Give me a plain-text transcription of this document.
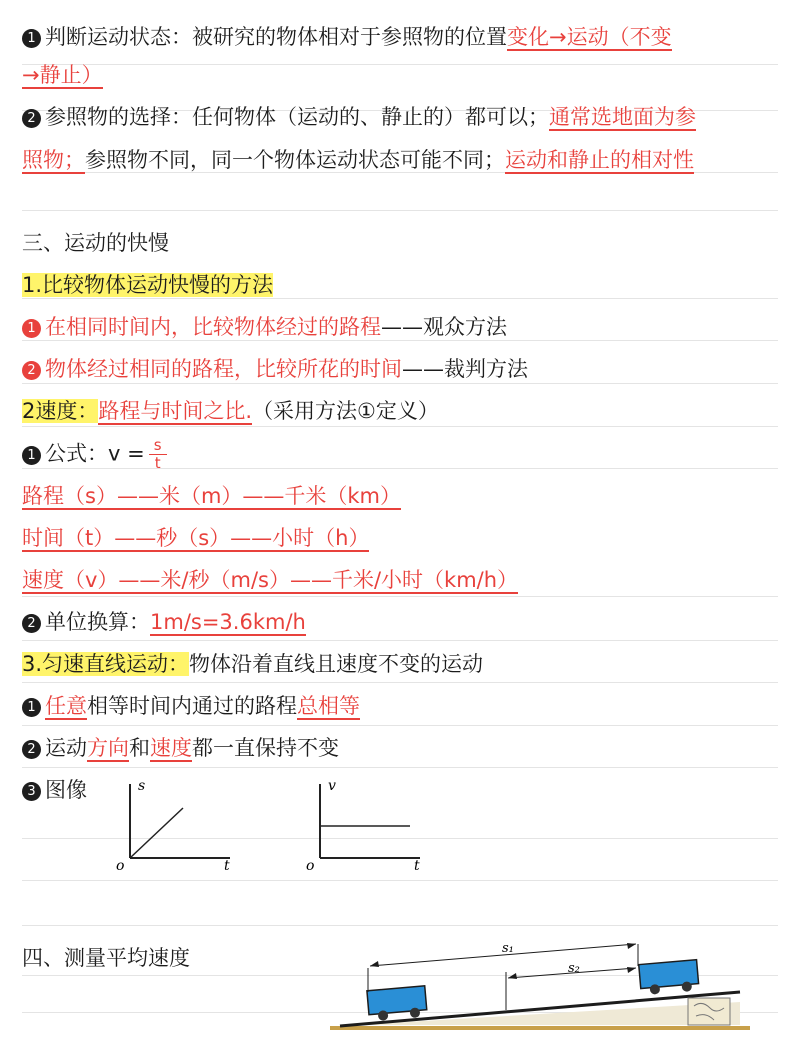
1 判断运动状态：被研究的物体相对于参照物的位置变化→运动（不变
→静止）
2 参照物的选择：任何物体（运动的、静止的）都可以；通常选地面为参
照物；参照物不同，同一个物体运动状态可能不同；运动和静止的相对性
三、运动的快慢
1.比较物体运动快慢的方法
1 在相同时间内，比较物体经过的路程——观众方法
2 物体经过相同的路程，比较所花的时间——裁判方法
2速度：路程与时间之比.（采用方法①定义）
1 公式：$v = \frac{s}{t}$
路程（s）——米（m）——千米（km）
时间（t）——秒（s）——小时（h）
速度（v）——米/秒（m/s）——千米/小时（km/h）
2 单位换算：1m/s=3.6km/h
3.匀速直线运动：物体沿着直线且速度不变的运动
1 任意相等时间内通过的路程总相等
2 运动方向和速度都一直保持不变
3 图像	s
t
o
v
t
o
四、测量平均速度	s₁
s₂
